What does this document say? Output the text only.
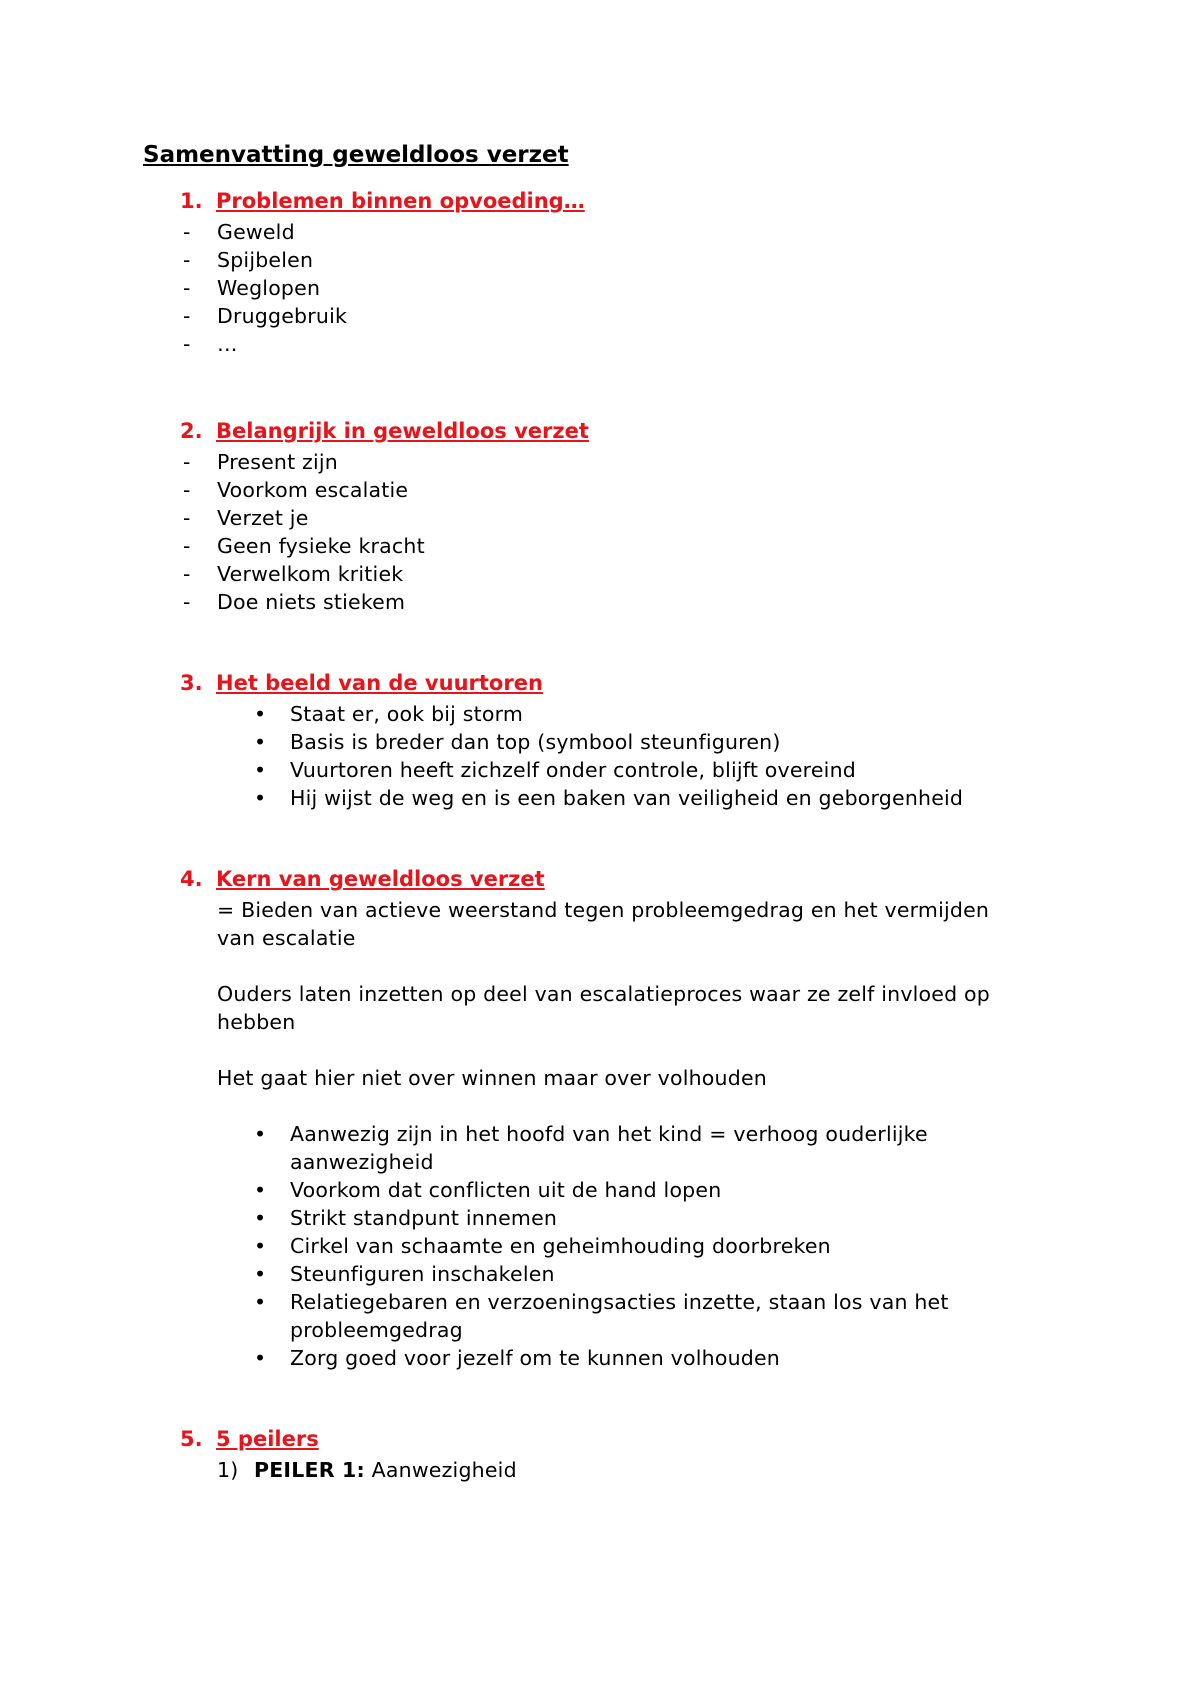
Samenvatting geweldloos verzet
1. Problemen binnen opvoeding…
- Geweld
- Spijbelen
- Weglopen
- Druggebruik
- …
2. Belangrijk in geweldloos verzet
- Present zijn
- Voorkom escalatie
- Verzet je
- Geen fysieke kracht
- Verwelkom kritiek
- Doe niets stiekem
3. Het beeld van de vuurtoren
• Staat er, ook bij storm
• Basis is breder dan top (symbool steunfiguren)
• Vuurtoren heeft zichzelf onder controle, blijft overeind
• Hij wijst de weg en is een baken van veiligheid en geborgenheid
4. Kern van geweldloos verzet
= Bieden van actieve weerstand tegen probleemgedrag en het vermijden
van escalatie
Ouders laten inzetten op deel van escalatieproces waar ze zelf invloed op
hebben
Het gaat hier niet over winnen maar over volhouden
• Aanwezig zijn in het hoofd van het kind = verhoog ouderlijke
aanwezigheid
• Voorkom dat conflicten uit de hand lopen
• Strikt standpunt innemen
• Cirkel van schaamte en geheimhouding doorbreken
• Steunfiguren inschakelen
• Relatiegebaren en verzoeningsacties inzette, staan los van het
probleemgedrag
• Zorg goed voor jezelf om te kunnen volhouden
5. 5 peilers
1) PEILER 1: Aanwezigheid
